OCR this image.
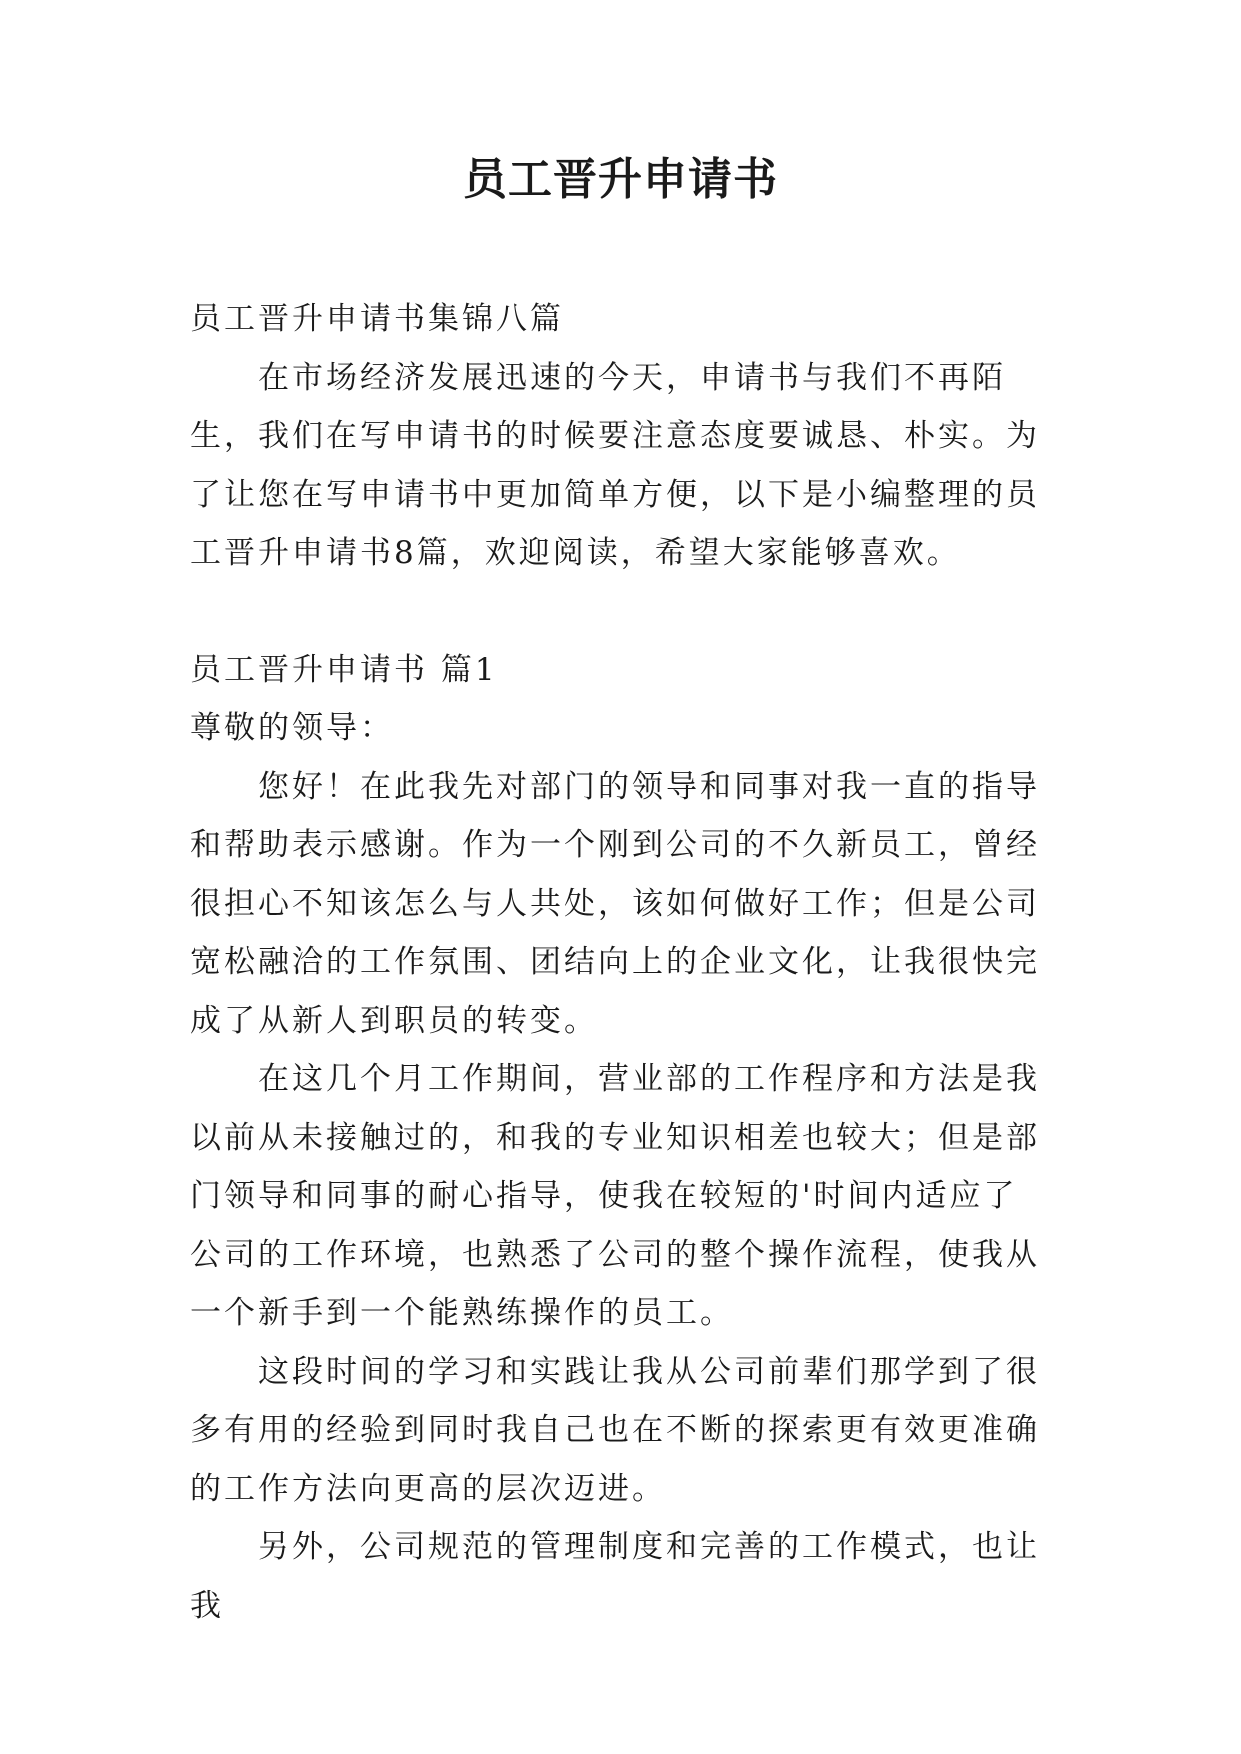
员工晋升申请书

员工晋升申请书集锦八篇

在市场经济发展迅速的今天，申请书与我们不再陌生，我们在写申请书的时候要注意态度要诚恳、朴实。为了让您在写申请书中更加简单方便，以下是小编整理的员工晋升申请书8篇，欢迎阅读，希望大家能够喜欢。

员工晋升申请书 篇1

尊敬的领导：

您好！在此我先对部门的领导和同事对我一直的指导和帮助表示感谢。作为一个刚到公司的不久新员工，曾经很担心不知该怎么与人共处，该如何做好工作；但是公司宽松融洽的工作氛围、团结向上的企业文化，让我很快完成了从新人到职员的转变。

在这几个月工作期间，营业部的工作程序和方法是我以前从未接触过的，和我的专业知识相差也较大；但是部门领导和同事的耐心指导，使我在较短的'时间内适应了公司的工作环境，也熟悉了公司的整个操作流程，使我从一个新手到一个能熟练操作的员工。

这段时间的学习和实践让我从公司前辈们那学到了很多有用的经验到同时我自己也在不断的探索更有效更准确的工作方法向更高的层次迈进。

另外，公司规范的管理制度和完善的工作模式，也让我
